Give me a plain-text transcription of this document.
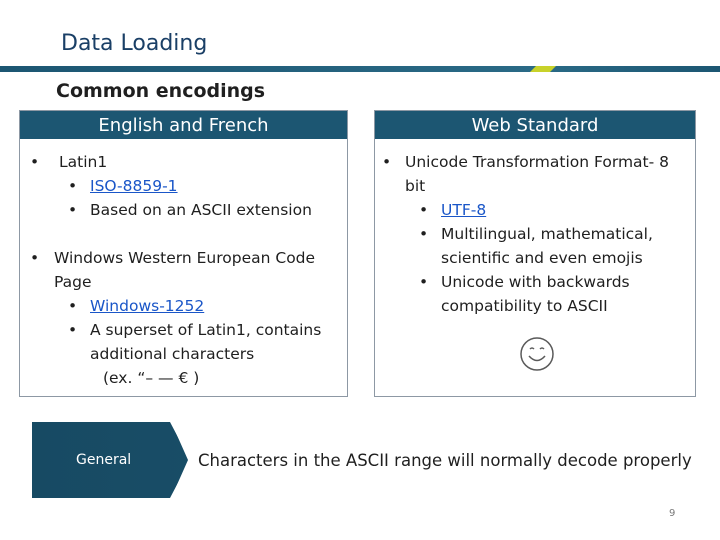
Data Loading
Common encodings
English and French
• Latin1
• ISO-8859-1
• Based on an ASCII extension
• Windows Western European Code
Page
• Windows-1252
• A superset of Latin1, contains
additional characters
(ex. “– — € )
Web Standard
• Unicode Transformation Format- 8
bit
• UTF-8
• Multilingual, mathematical,
scientific and even emojis
• Unicode with backwards
compatibility to ASCII
General	Characters in the ASCII range will normally decode properly
9
